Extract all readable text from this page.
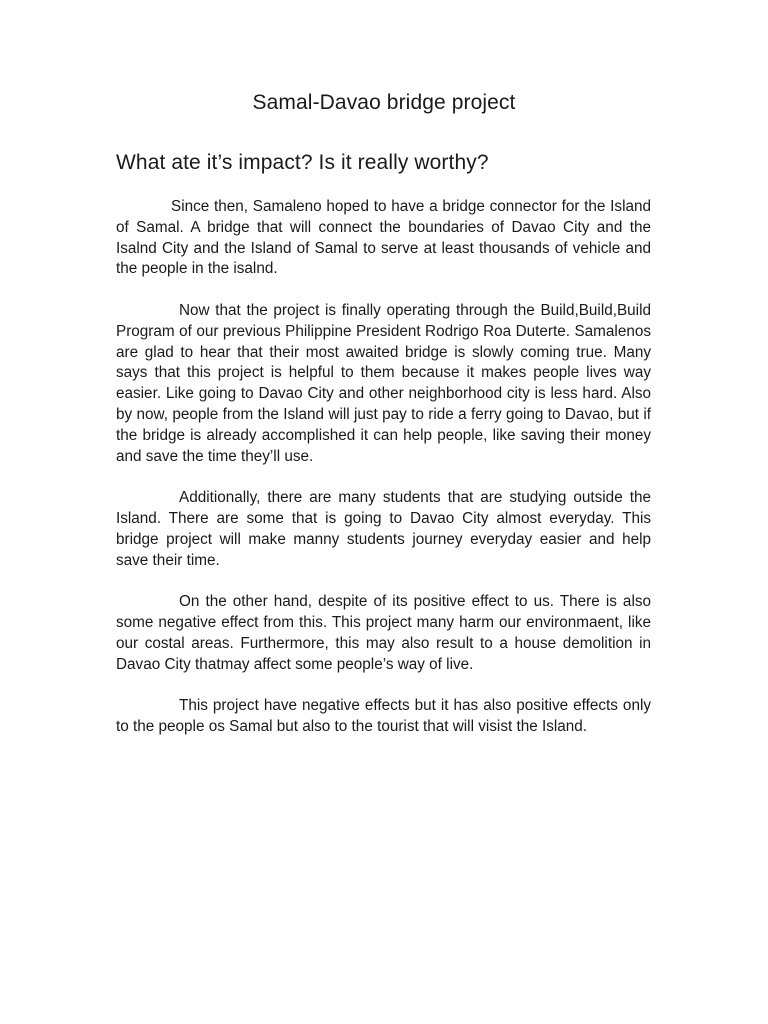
Samal-Davao bridge project
What ate it’s impact? Is it really worthy?

Since then, Samaleno hoped to have a bridge connector for the Island of Samal. A bridge that will connect the boundaries of Davao City and the Isalnd City and the Island of Samal to serve at least thousands of vehicle and the people in the isalnd.

Now that the project is finally operating through the Build,Build,Build Program of our previous Philippine President Rodrigo Roa Duterte. Samalenos are glad to hear that their most awaited bridge is slowly coming true. Many says that this project is helpful to them because it makes people lives way easier. Like going to Davao City and other neighborhood city is less hard. Also by now, people from the Island will just pay to ride a ferry going to Davao, but if the bridge is already accomplished it can help people, like saving their money and save the time they’ll use.

Additionally, there are many students that are studying outside the Island. There are some that is going to Davao City almost everyday. This bridge project will make manny students journey everyday easier and help save their time.

On the other hand, despite of its positive effect to us. There is also some negative effect from this. This project many harm our environmaent, like our costal areas. Furthermore, this may also result to a house demolition in Davao City thatmay affect some people’s way of live.

This project have negative effects but it has also positive effects only to the people os Samal but also to the tourist that will visist the Island.
